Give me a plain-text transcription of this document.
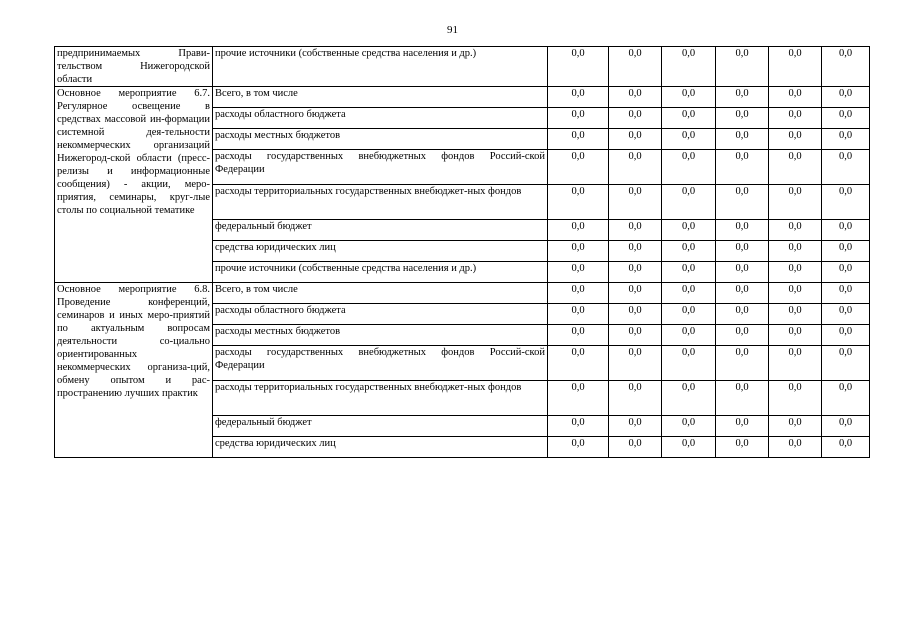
91
предпринимаемых Прави-тельством Нижегородской области	прочие источники (собственные средства населения и др.)	0,0	0,0	0,0	0,0	0,0	0,0
Основное мероприятие 6.7. Регулярное освещение в средствах массовой ин-формации системной дея-тельности некоммерческих организаций Нижегород-ской области (пресс-релизы и информационные сообщения) - акции, меро-приятия, семинары, круг-лые столы по социальной тематике	Всего, в том числе	0,0	0,0	0,0	0,0	0,0	0,0
	расходы областного бюджета	0,0	0,0	0,0	0,0	0,0	0,0
	расходы местных бюджетов	0,0	0,0	0,0	0,0	0,0	0,0
	расходы государственных внебюджетных фондов Россий-ской Федерации	0,0	0,0	0,0	0,0	0,0	0,0
	расходы территориальных государственных внебюджет-ных фондов	0,0	0,0	0,0	0,0	0,0	0,0
	федеральный бюджет	0,0	0,0	0,0	0,0	0,0	0,0
	средства юридических лиц	0,0	0,0	0,0	0,0	0,0	0,0
	прочие источники (собственные средства населения и др.)	0,0	0,0	0,0	0,0	0,0	0,0
Основное мероприятие 6.8. Проведение конференций, семинаров и иных меро-приятий по актуальным вопросам деятельности со-циально ориентированных некоммерческих организа-ций, обмену опытом и рас-пространению лучших практик	Всего, в том числе	0,0	0,0	0,0	0,0	0,0	0,0
	расходы областного бюджета	0,0	0,0	0,0	0,0	0,0	0,0
	расходы местных бюджетов	0,0	0,0	0,0	0,0	0,0	0,0
	расходы государственных внебюджетных фондов Россий-ской Федерации	0,0	0,0	0,0	0,0	0,0	0,0
	расходы территориальных государственных внебюджет-ных фондов	0,0	0,0	0,0	0,0	0,0	0,0
	федеральный бюджет	0,0	0,0	0,0	0,0	0,0	0,0
	средства юридических лиц	0,0	0,0	0,0	0,0	0,0	0,0
